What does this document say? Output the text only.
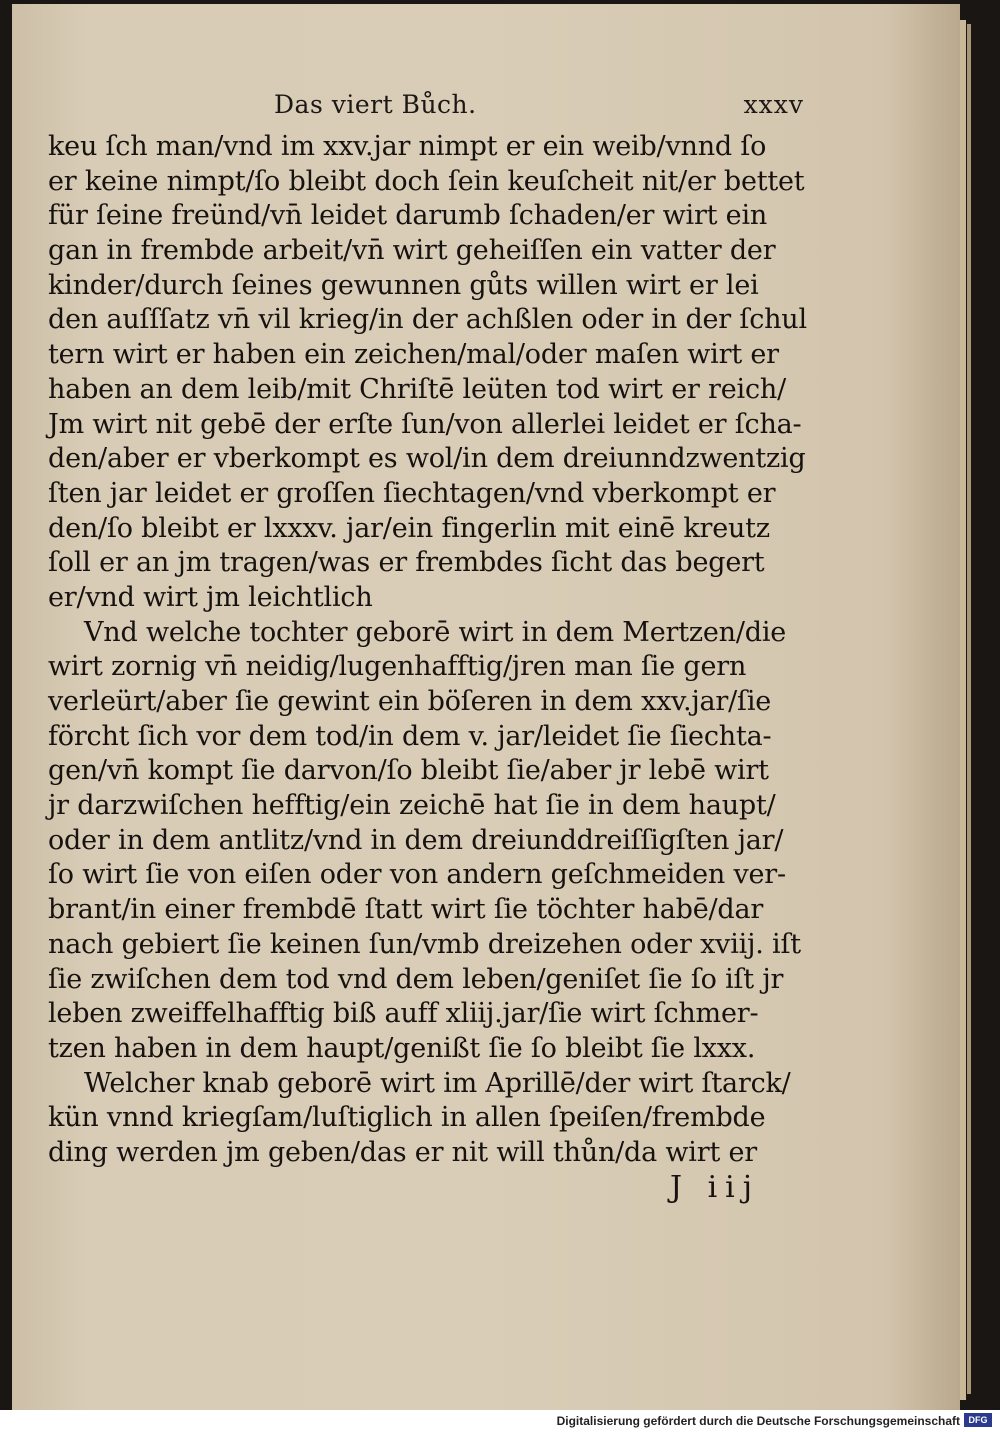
Das viert Bůch.	xxxv
keu ſch man/vnd im xxv.jar nimpt er ein weib/vnnd ſo
er keine nimpt/ſo bleibt doch ſein keuſcheit nit/er bettet
für ſeine freünd/vn̄ leidet darumb ſchaden/er wirt ein
gan in frembde arbeit/vn̄ wirt geheiſſen ein vatter der
kinder/durch ſeines gewunnen gůts willen wirt er lei
den auſſſatz vn̄ vil krieg/in der achßlen oder in der ſchul
tern wirt er haben ein zeichen/mal/oder maſen wirt er
haben an dem leib/mit Chriſtē leüten tod wirt er reich/
Jm wirt nit gebē der erſte ſun/von allerlei leidet er ſcha-
den/aber er vberkompt es wol/in dem dreiunndzwentzig
ſten jar leidet er groſſen ſiechtagen/vnd vberkompt er
den/ſo bleibt er lxxxv. jar/ein fingerlin mit einē kreutz
ſoll er an jm tragen/was er frembdes ſicht das begert
er/vnd wirt jm leichtlich
Vnd welche tochter geborē wirt in dem Mertzen/die
wirt zornig vn̄ neidig/lugenhafftig/jren man ſie gern
verleürt/aber ſie gewint ein böſeren in dem xxv.jar/ſie
förcht ſich vor dem tod/in dem v. jar/leidet ſie ſiechta-
gen/vn̄ kompt ſie darvon/ſo bleibt ſie/aber jr lebē wirt
jr darzwiſchen hefftig/ein zeichē hat ſie in dem haupt/
oder in dem antlitz/vnd in dem dreiunddreiſſigſten jar/
ſo wirt ſie von eiſen oder von andern geſchmeiden ver-
brant/in einer frembdē ſtatt wirt ſie töchter habē/dar
nach gebiert ſie keinen ſun/vmb dreizehen oder xviij. iſt
ſie zwiſchen dem tod vnd dem leben/geniſet ſie ſo iſt jr
leben zweiffelhafftig biß auff xliij.jar/ſie wirt ſchmer-
tzen haben in dem haupt/genißt ſie ſo bleibt ſie lxxx.
Welcher knab geborē wirt im Aprillē/der wirt ſtarck/
kün vnnd kriegſam/luſtiglich in allen ſpeiſen/frembde
ding werden jm geben/das er nit will thůn/da wirt er
J iij
Digitalisierung gefördert durch die Deutsche Forschungsgemeinschaft DFG
